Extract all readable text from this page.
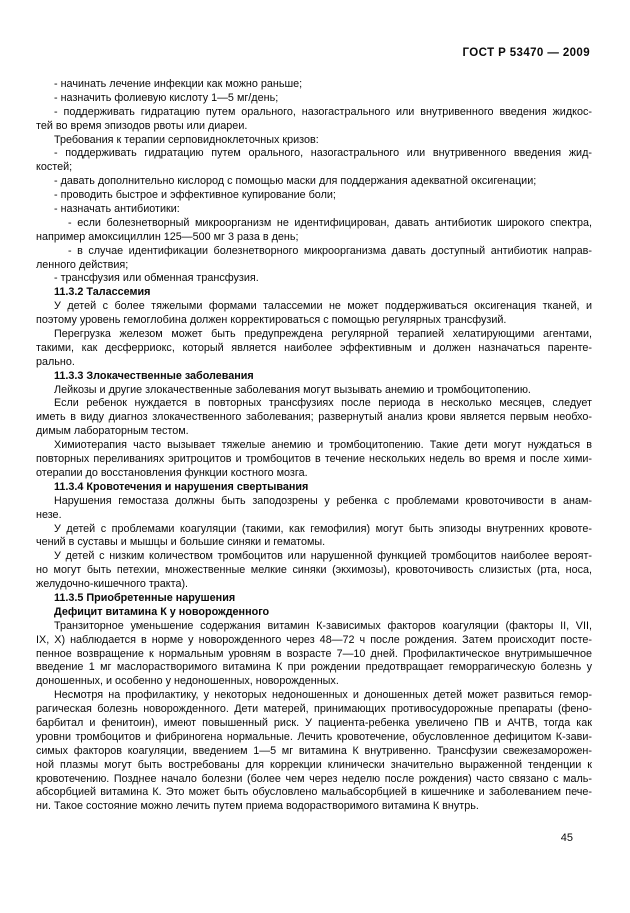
ГОСТ Р 53470 — 2009
- начинать лечение инфекции как можно раньше;
- назначить фолиевую кислоту 1—5 мг/день;
- поддерживать гидратацию путем орального, назогастрального или внутривенного введения жидкос-
тей во время эпизодов рвоты или диареи.
Требования к терапии серповидноклеточных кризов:
- поддерживать гидратацию путем орального, назогастрального или внутривенного введения жид-
костей;
- давать дополнительно кислород с помощью маски для поддержания адекватной оксигенации;
- проводить быстрое и эффективное купирование боли;
- назначать антибиотики:
- если болезнетворный микроорганизм не идентифицирован, давать антибиотик широкого спектра,
например амоксициллин 125—500 мг 3 раза в день;
- в случае идентификации болезнетворного микроорганизма давать доступный антибиотик направ-
ленного действия;
- трансфузия или обменная трансфузия.
11.3.2 Талассемия
У детей с более тяжелыми формами талассемии не может поддерживаться оксигенация тканей, и
поэтому уровень гемоглобина должен корректироваться с помощью регулярных трансфузий.
Перегрузка железом может быть предупреждена регулярной терапией хелатирующими агентами,
такими, как десферриокс, который является наиболее эффективным и должен назначаться паренте-
рально.
11.3.3 Злокачественные заболевания
Лейкозы и другие злокачественные заболевания могут вызывать анемию и тромбоцитопению.
Если ребенок нуждается в повторных трансфузиях после периода в несколько месяцев, следует
иметь в виду диагноз злокачественного заболевания; развернутый анализ крови является первым необхо-
димым лабораторным тестом.
Химиотерапия часто вызывает тяжелые анемию и тромбоцитопению. Такие дети могут нуждаться в
повторных переливаниях эритроцитов и тромбоцитов в течение нескольких недель во время и после хими-
отерапии до восстановления функции костного мозга.
11.3.4 Кровотечения и нарушения свертывания
Нарушения гемостаза должны быть заподозрены у ребенка с проблемами кровоточивости в анам-
незе.
У детей с проблемами коагуляции (такими, как гемофилия) могут быть эпизоды внутренних кровоте-
чений в суставы и мышцы и большие синяки и гематомы.
У детей с низким количеством тромбоцитов или нарушенной функцией тромбоцитов наиболее вероят-
но могут быть петехии, множественные мелкие синяки (экхимозы), кровоточивость слизистых (рта, носа,
желудочно-кишечного тракта).
11.3.5 Приобретенные нарушения
Дефицит витамина К у новорожденного
Транзиторное уменьшение содержания витамин К-зависимых факторов коагуляции (факторы II, VII,
IX, X) наблюдается в норме у новорожденного через 48—72 ч после рождения. Затем происходит посте-
пенное возвращение к нормальным уровням в возрасте 7—10 дней. Профилактическое внутримышечное
введение 1 мг маслорастворимого витамина К при рождении предотвращает геморрагическую болезнь у
доношенных, и особенно у недоношенных, новорожденных.
Несмотря на профилактику, у некоторых недоношенных и доношенных детей может развиться гемор-
рагическая болезнь новорожденного. Дети матерей, принимающих противосудорожные препараты (фено-
барбитал и фенитоин), имеют повышенный риск. У пациента-ребенка увеличено ПВ и АЧТВ, тогда как
уровни тромбоцитов и фибриногена нормальные. Лечить кровотечение, обусловленное дефицитом К-зави-
симых факторов коагуляции, введением 1—5 мг витамина К внутривенно. Трансфузии свежезаморожен-
ной плазмы могут быть востребованы для коррекции клинически значительно выраженной тенденции к
кровотечению. Позднее начало болезни (более чем через неделю после рождения) часто связано с маль-
абсорбцией витамина К. Это может быть обусловлено мальабсорбцией в кишечнике и заболеванием пече-
ни. Такое состояние можно лечить путем приема водорастворимого витамина К внутрь.
45
